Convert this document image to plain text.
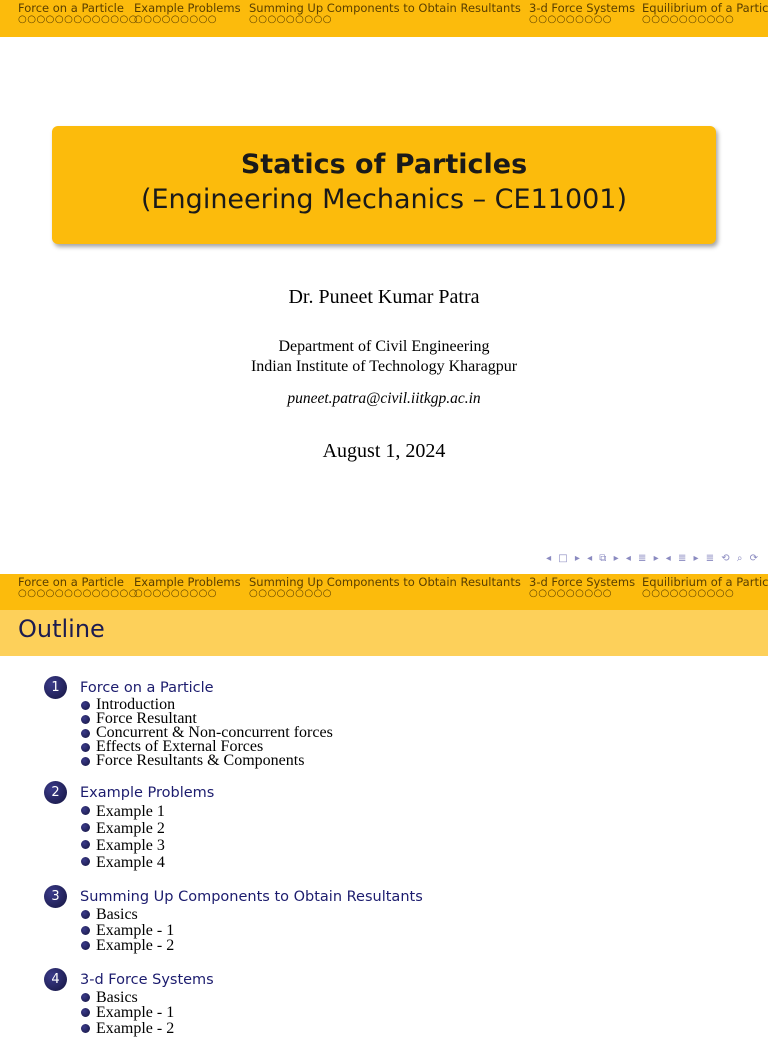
Force on a Particle
○○○○○○○○○○○○○
Example Problems
○○○○○○○○○
Summing Up Components to Obtain Resultants
○○○○○○○○○
3-d Force Systems
○○○○○○○○○
Equilibrium of a Partic
○○○○○○○○○○
Statics of Particles
(Engineering Mechanics – CE11001)
Dr. Puneet Kumar Patra
Department of Civil Engineering
Indian Institute of Technology Kharagpur
puneet.patra@civil.iitkgp.ac.in
August 1, 2024
◂ □ ▸ ◂ ⧉ ▸ ◂ ≣ ▸ ◂ ≣ ▸ ≣ ⟲ ⌕ ⟳
Force on a Particle
○○○○○○○○○○○○○
Example Problems
○○○○○○○○○
Summing Up Components to Obtain Resultants
○○○○○○○○○
3-d Force Systems
○○○○○○○○○
Equilibrium of a Partic
○○○○○○○○○○
Outline
1	Force on a Particle
Introduction
Force Resultant
Concurrent & Non-concurrent forces
Effects of External Forces
Force Resultants & Components
2	Example Problems
Example 1
Example 2
Example 3
Example 4
3	Summing Up Components to Obtain Resultants
Basics
Example - 1
Example - 2
4	3-d Force Systems
Basics
Example - 1
Example - 2
